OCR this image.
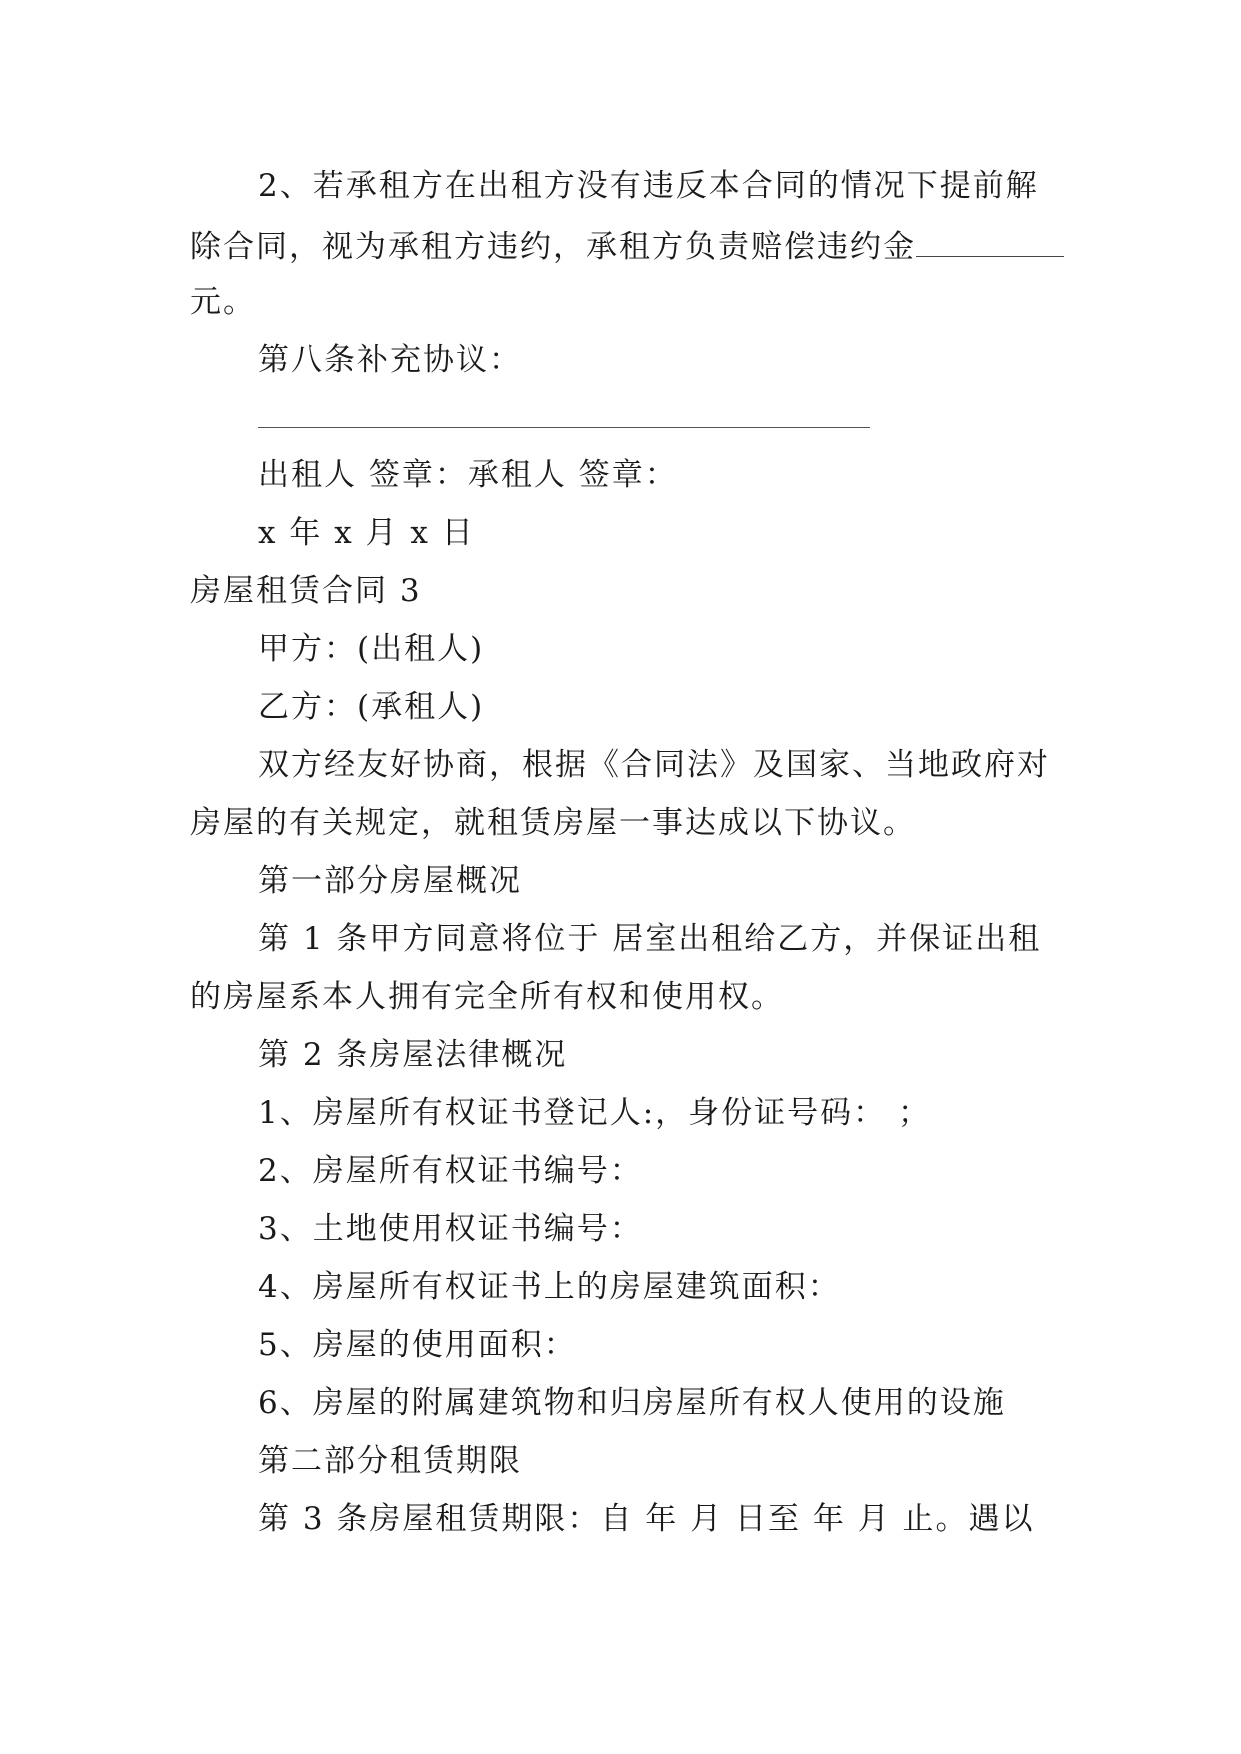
2、若承租方在出租方没有违反本合同的情况下提前解
除合同，视为承租方违约，承租方负责赔偿违约金
元。
第八条补充协议：
出租人 签章：承租人 签章：
x 年 x 月 x 日
房屋租赁合同 3
甲方：(出租人)
乙方：(承租人)
双方经友好协商，根据《合同法》及国家、当地政府对
房屋的有关规定，就租赁房屋一事达成以下协议。
第一部分房屋概况
第 1 条甲方同意将位于 居室出租给乙方，并保证出租
的房屋系本人拥有完全所有权和使用权。
第 2 条房屋法律概况
1、房屋所有权证书登记人:，身份证号码： ；
2、房屋所有权证书编号：
3、土地使用权证书编号：
4、房屋所有权证书上的房屋建筑面积：
5、房屋的使用面积：
6、房屋的附属建筑物和归房屋所有权人使用的设施
第二部分租赁期限
第 3 条房屋租赁期限：自 年 月 日至 年 月 止。遇以
